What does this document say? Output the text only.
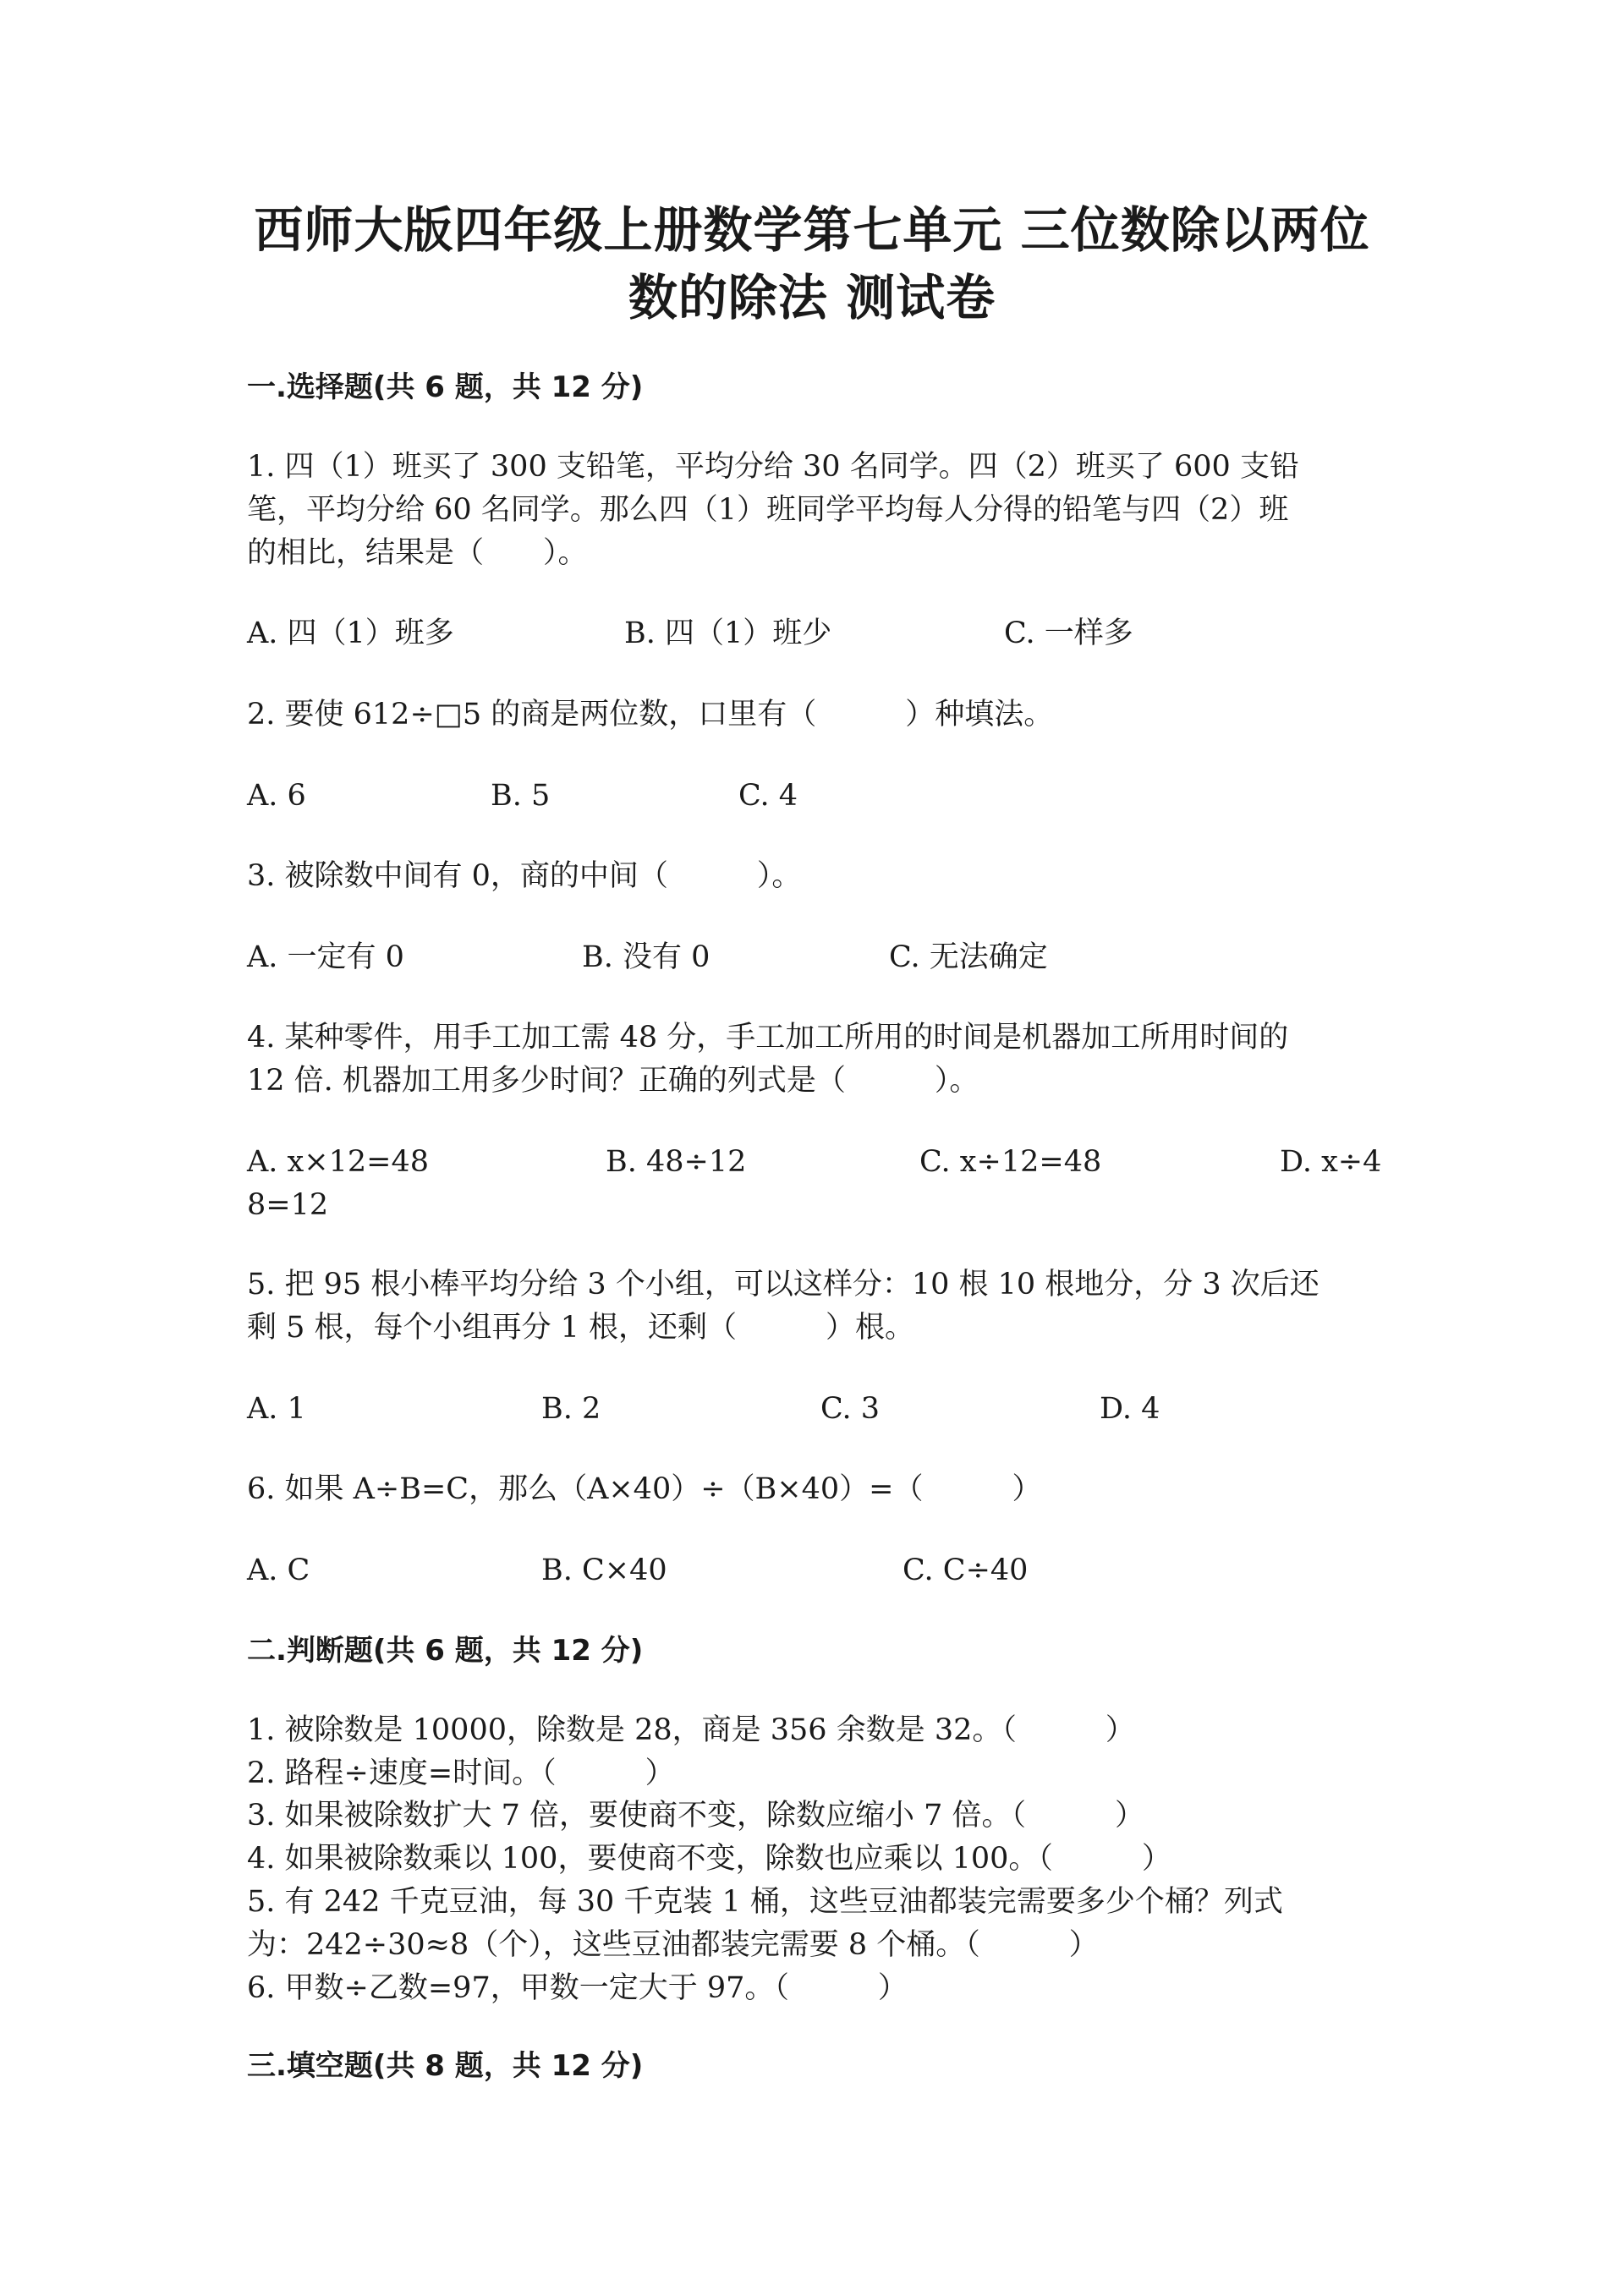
西师大版四年级上册数学第七单元 三位数除以两位
数的除法 测试卷
一.选择题(共 6 题，共 12 分)
1. 四（1）班买了 300 支铅笔，平均分给 30 名同学。四（2）班买了 600 支铅
笔，平均分给 60 名同学。那么四（1）班同学平均每人分得的铅笔与四（2）班
的相比，结果是（　　）。
A. 四（1）班多	B. 四（1）班少	C. 一样多
2. 要使 612÷□5 的商是两位数，口里有（　　　）种填法。
A. 6	B. 5	C. 4
3. 被除数中间有 0，商的中间（　　　）。
A. 一定有 0	B. 没有 0	C. 无法确定
4. 某种零件，用手工加工需 48 分，手工加工所用的时间是机器加工所用时间的
12 倍. 机器加工用多少时间？正确的列式是（　　　）。
A. x×12=48	B. 48÷12	C. x÷12=48	D. x÷4
8=12
5. 把 95 根小棒平均分给 3 个小组，可以这样分：10 根 10 根地分，分 3 次后还
剩 5 根，每个小组再分 1 根，还剩（　　　）根。
A. 1	B. 2	C. 3	D. 4
6. 如果 A÷B=C，那么（A×40）÷（B×40）=（　　　）
A. C	B. C×40	C. C÷40
二.判断题(共 6 题，共 12 分)
1. 被除数是 10000，除数是 28，商是 356 余数是 32。（　　　）
2. 路程÷速度=时间。（　　　）
3. 如果被除数扩大 7 倍，要使商不变，除数应缩小 7 倍。（　　　）
4. 如果被除数乘以 100，要使商不变，除数也应乘以 100。（　　　）
5. 有 242 千克豆油，每 30 千克装 1 桶，这些豆油都装完需要多少个桶？列式
为：242÷30≈8（个），这些豆油都装完需要 8 个桶。（　　　）
6. 甲数÷乙数=97，甲数一定大于 97。（　　　）
三.填空题(共 8 题，共 12 分)
